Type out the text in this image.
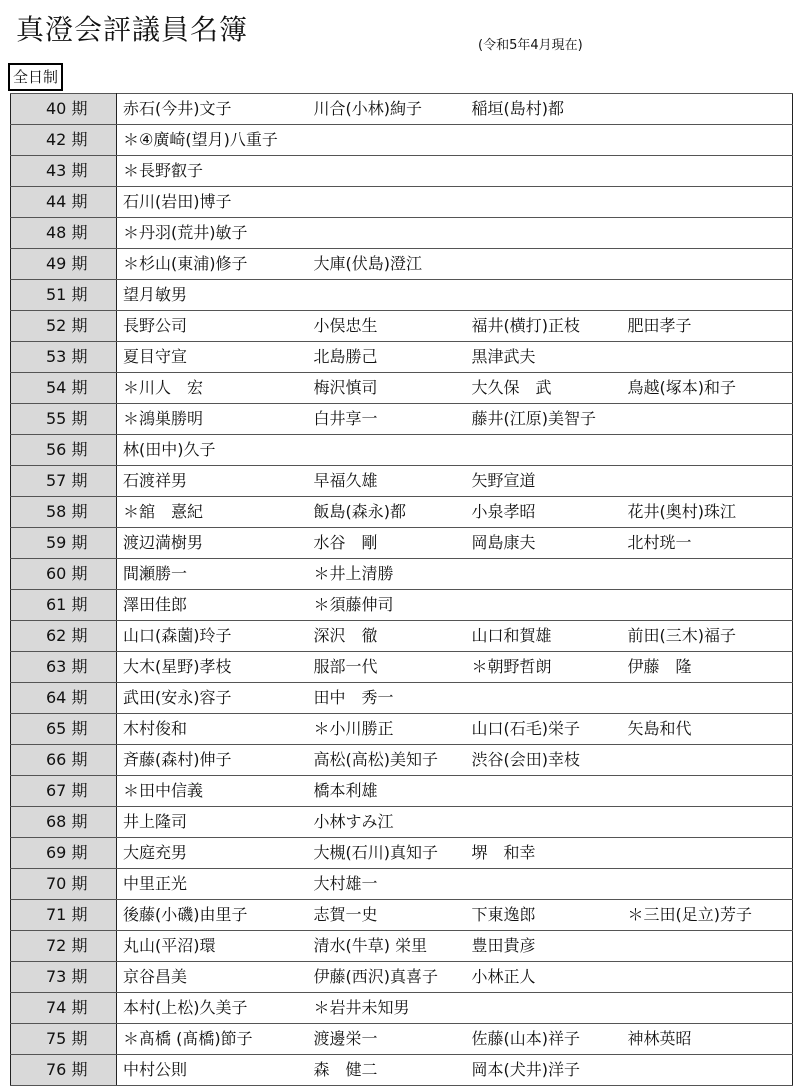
真澄会評議員名簿	(令和5年4月現在)
全日制
40 期	赤石(今井)文子	川合(小林)絢子	稲垣(島村)都	
42 期	＊④廣崎(望月)八重子			
43 期	＊長野叡子			
44 期	石川(岩田)博子			
48 期	＊丹羽(荒井)敏子			
49 期	＊杉山(東浦)修子	大庫(伏島)澄江		
51 期	望月敏男			
52 期	長野公司	小俣忠生	福井(横打)正枝	肥田孝子
53 期	夏目守宣	北島勝己	黒津武夫	
54 期	＊川人　宏	梅沢慎司	大久保　武	鳥越(塚本)和子
55 期	＊鴻巣勝明	白井享一	藤井(江原)美智子	
56 期	林(田中)久子			
57 期	石渡祥男	早福久雄	矢野宣道	
58 期	＊舘　憙紀	飯島(森永)都	小泉孝昭	花井(奥村)珠江
59 期	渡辺満樹男	水谷　剛	岡島康夫	北村珖一
60 期	間瀬勝一	＊井上清勝		
61 期	澤田佳郎	＊須藤伸司		
62 期	山口(森薗)玲子	深沢　徹	山口和賀雄	前田(三木)福子
63 期	大木(星野)孝枝	服部一代	＊朝野哲朗	伊藤　隆
64 期	武田(安永)容子	田中　秀一		
65 期	木村俊和	＊小川勝正	山口(石毛)栄子	矢島和代
66 期	斉藤(森村)伸子	高松(高松)美知子	渋谷(会田)幸枝	
67 期	＊田中信義	橋本利雄		
68 期	井上隆司	小林すみ江		
69 期	大庭充男	大槻(石川)真知子	堺　和幸	
70 期	中里正光	大村雄一		
71 期	後藤(小磯)由里子	志賀一史	下東逸郎	＊三田(足立)芳子
72 期	丸山(平沼)環	清水(牛草) 栄里	豊田貴彦	
73 期	京谷昌美	伊藤(西沢)真喜子	小林正人	
74 期	本村(上松)久美子	＊岩井未知男		
75 期	＊髙橋 (髙橋)節子	渡邊栄一	佐藤(山本)祥子	神林英昭
76 期	中村公則	森　健二	岡本(犬井)洋子	
